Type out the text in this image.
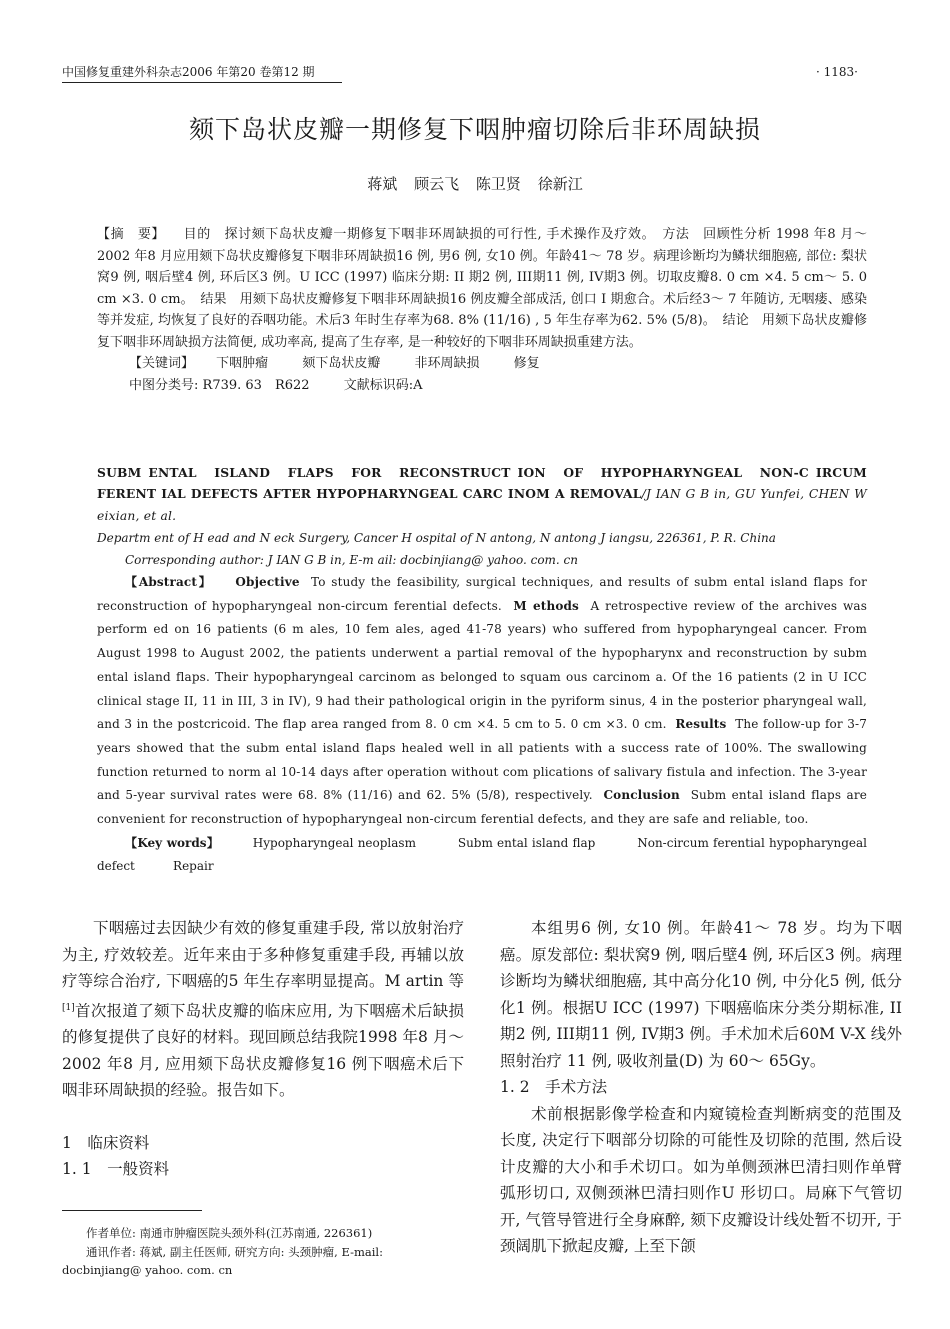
中国修复重建外科杂志2006 年第20 卷第12 期	· 1183·
颏下岛状皮瓣一期修复下咽肿瘤切除后非环周缺损
蒋斌 顾云飞 陈卫贤 徐新江

【摘　要】 目的　探讨颏下岛状皮瓣一期修复下咽非环周缺损的可行性, 手术操作及疗效。　方法　回顾性分析 1998 年8 月～ 2002 年8 月应用颏下岛状皮瓣修复下咽非环周缺损16 例, 男6 例, 女10 例。年龄41～ 78 岁。病理诊断均为鳞状细胞癌, 部位: 梨状窝9 例, 咽后壁4 例, 环后区3 例。U ICC (1997) 临床分期: II 期2 例, III期11 例, IV期3 例。切取皮瓣8. 0 cm ×4. 5 cm～ 5. 0 cm ×3. 0 cm。　结果　用颏下岛状皮瓣修复下咽非环周缺损16 例皮瓣全部成活, 创口 I 期愈合。术后经3～ 7 年随访, 无咽瘘、感染等并发症, 均恢复了良好的吞咽功能。术后3 年时生存率为68. 8% (11/16) , 5 年生存率为62. 5% (5/8)。　结论　用颏下岛状皮瓣修复下咽非环周缺损方法简便, 成功率高, 提高了生存率, 是一种较好的下咽非环周缺损重建方法。

【关键词】 下咽肿瘤	颏下岛状皮瓣	非环周缺损	修复

中图分类号: R739. 63　R622	文献标识码:A

SUBM ENTAL　ISLAND　FLAPS　FOR　RECONSTRUCT ION　OF　HYPOPHARYNGEAL　NON-C IRCUM FERENT IAL DEFECTS AFTER HYPOPHARYNGEAL CARC INOM A REMOVAL/J IAN G B in, GU Yunfei, CHEN W eixian, et al.
Departm ent of H ead and N eck Surgery, Cancer H ospital of N antong, N antong J iangsu, 226361, P. R. China
Corresponding author: J IAN G B in, E-m ail: docbinjiang@ yahoo. com. cn
【Abstract】 Objective To study the feasibility, surgical techniques, and results of subm ental island flaps for reconstruction of hypopharyngeal non-circum ferential defects. M ethods A retrospective review of the archives was perform ed on 16 patients (6 m ales, 10 fem ales, aged 41-78 years) who suffered from hypopharyngeal cancer. From August 1998 to August 2002, the patients underwent a partial removal of the hypopharynx and reconstruction by subm ental island flaps. Their hypopharyngeal carcinom as belonged to squam ous carcinom a. Of the 16 patients (2 in U ICC clinical stage II, 11 in III, 3 in IV), 9 had their pathological origin in the pyriform sinus, 4 in the posterior pharyngeal wall, and 3 in the postcricoid. The flap area ranged from 8. 0 cm ×4. 5 cm to 5. 0 cm ×3. 0 cm. Results The follow-up for 3-7 years showed that the subm ental island flaps healed well in all patients with a success rate of 100%. The swallowing function returned to norm al 10-14 days after operation without com plications of salivary fistula and infection. The 3-year and 5-year survival rates were 68. 8% (11/16) and 62. 5% (5/8), respectively. Conclusion Subm ental island flaps are convenient for reconstruction of hypopharyngeal non-circum ferential defects, and they are safe and reliable, too.
【Key words】	Hypopharyngeal neoplasm	Subm ental island flap	Non-circum ferential hypopharyngeal defect	Repair

下咽癌过去因缺少有效的修复重建手段, 常以放射治疗为主, 疗效较差。近年来由于多种修复重建手段, 再辅以放疗等综合治疗, 下咽癌的5 年生存率明显提高。M artin 等[1]首次报道了颏下岛状皮瓣的临床应用, 为下咽癌术后缺损的修复提供了良好的材料。现回顾总结我院1998 年8 月～ 2002 年8 月, 应用颏下岛状皮瓣修复16 例下咽癌术后下咽非环周缺损的经验。报告如下。

1　临床资料

1. 1　一般资料

作者单位: 南通市肿瘤医院头颈外科(江苏南通, 226361)

通讯作者: 蒋斌, 副主任医师, 研究方向: 头颈肿瘤, E-mail: docbinjiang@ yahoo. com. cn

本组男6 例, 女10 例。年龄41～ 78 岁。均为下咽癌。原发部位: 梨状窝9 例, 咽后壁4 例, 环后区3 例。病理诊断均为鳞状细胞癌, 其中高分化10 例, 中分化5 例, 低分化1 例。根据U ICC (1997) 下咽癌临床分类分期标准, II 期2 例, III期11 例, IV期3 例。手术加术后60M V-X 线外照射治疗 11 例, 吸收剂量(D) 为 60～ 65Gy。

1. 2　手术方法

术前根据影像学检查和内窥镜检查判断病变的范围及长度, 决定行下咽部分切除的可能性及切除的范围, 然后设计皮瓣的大小和手术切口。如为单侧颈淋巴清扫则作单臂弧形切口, 双侧颈淋巴清扫则作U 形切口。局麻下气管切开, 气管导管进行全身麻醉, 颏下皮瓣设计线处暂不切开, 于颈阔肌下掀起皮瓣, 上至下颌
